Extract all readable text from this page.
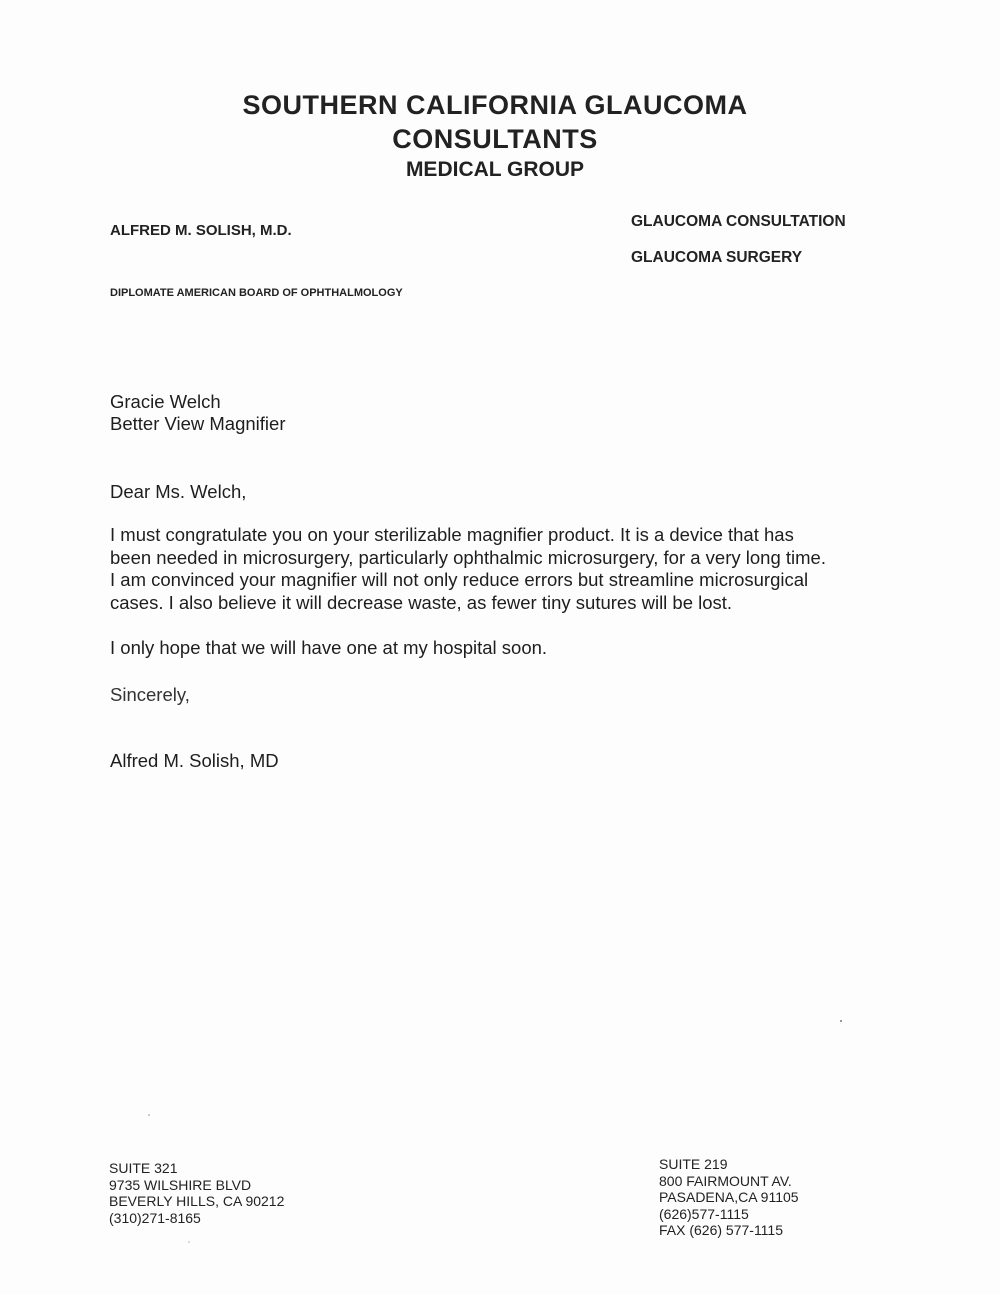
SOUTHERN CALIFORNIA GLAUCOMA
CONSULTANTS
MEDICAL GROUP
ALFRED M. SOLISH, M.D.
DIPLOMATE AMERICAN BOARD OF OPHTHALMOLOGY
GLAUCOMA CONSULTATION
GLAUCOMA SURGERY
Gracie Welch
Better View Magnifier
Dear Ms. Welch,
I must congratulate you on your sterilizable magnifier product. It is a device that has
been needed in microsurgery, particularly ophthalmic microsurgery, for a very long time.
I am convinced your magnifier will not only reduce errors but streamline microsurgical
cases. I also believe it will decrease waste, as fewer tiny sutures will be lost.
I only hope that we will have one at my hospital soon.
Sincerely,
Alfred M. Solish, MD
SUITE 321
9735 WILSHIRE BLVD
BEVERLY HILLS, CA 90212
(310)271-8165
SUITE 219
800 FAIRMOUNT AV.
PASADENA,CA 91105
(626)577-1115
FAX (626) 577-1115
